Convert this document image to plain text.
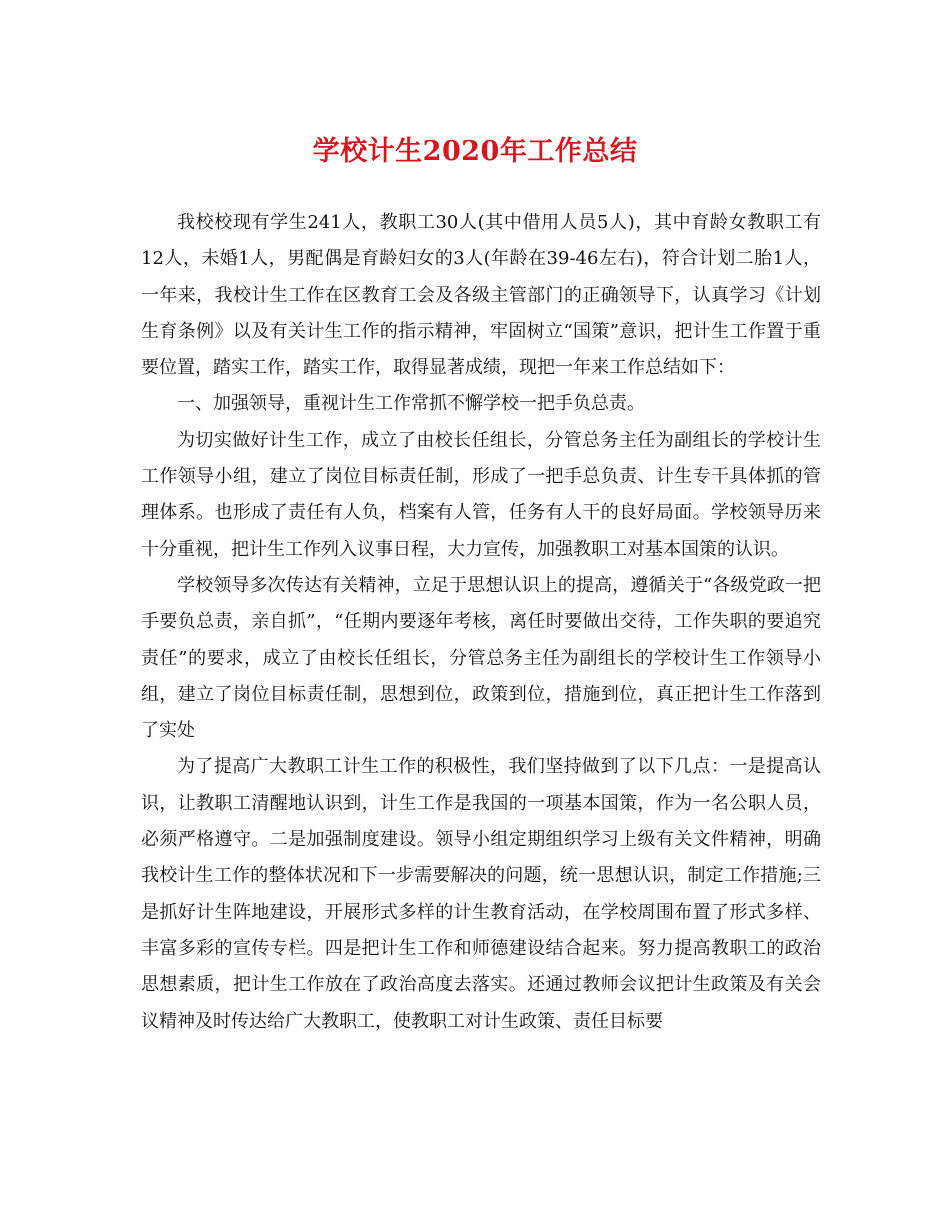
学校计生2020年工作总结

我校校现有学生241人，教职工30人(其中借用人员5人)，其中育龄女教职工有12人，未婚1人，男配偶是育龄妇女的3人(年龄在39-46左右)，符合计划二胎1人，一年来，我校计生工作在区教育工会及各级主管部门的正确领导下，认真学习《计划生育条例》以及有关计生工作的指示精神，牢固树立“国策”意识，把计生工作置于重要位置，踏实工作，踏实工作，取得显著成绩，现把一年来工作总结如下：

一、加强领导，重视计生工作常抓不懈学校一把手负总责。

为切实做好计生工作，成立了由校长任组长，分管总务主任为副组长的学校计生工作领导小组，建立了岗位目标责任制，形成了一把手总负责、计生专干具体抓的管理体系。也形成了责任有人负，档案有人管，任务有人干的良好局面。学校领导历来十分重视，把计生工作列入议事日程，大力宣传，加强教职工对基本国策的认识。

学校领导多次传达有关精神，立足于思想认识上的提高，遵循关于“各级党政一把手要负总责，亲自抓”，“任期内要逐年考核，离任时要做出交待，工作失职的要追究责任”的要求，成立了由校长任组长，分管总务主任为副组长的学校计生工作领导小组，建立了岗位目标责任制，思想到位，政策到位，措施到位，真正把计生工作落到了实处

为了提高广大教职工计生工作的积极性，我们坚持做到了以下几点：一是提高认识，让教职工清醒地认识到，计生工作是我国的一项基本国策，作为一名公职人员，必须严格遵守。二是加强制度建设。领导小组定期组织学习上级有关文件精神，明确我校计生工作的整体状况和下一步需要解决的问题，统一思想认识，制定工作措施;三是抓好计生阵地建设，开展形式多样的计生教育活动，在学校周围布置了形式多样、丰富多彩的宣传专栏。四是把计生工作和师德建设结合起来。努力提高教职工的政治思想素质，把计生工作放在了政治高度去落实。还通过教师会议把计生政策及有关会议精神及时传达给广大教职工，使教职工对计生政策、责任目标要
